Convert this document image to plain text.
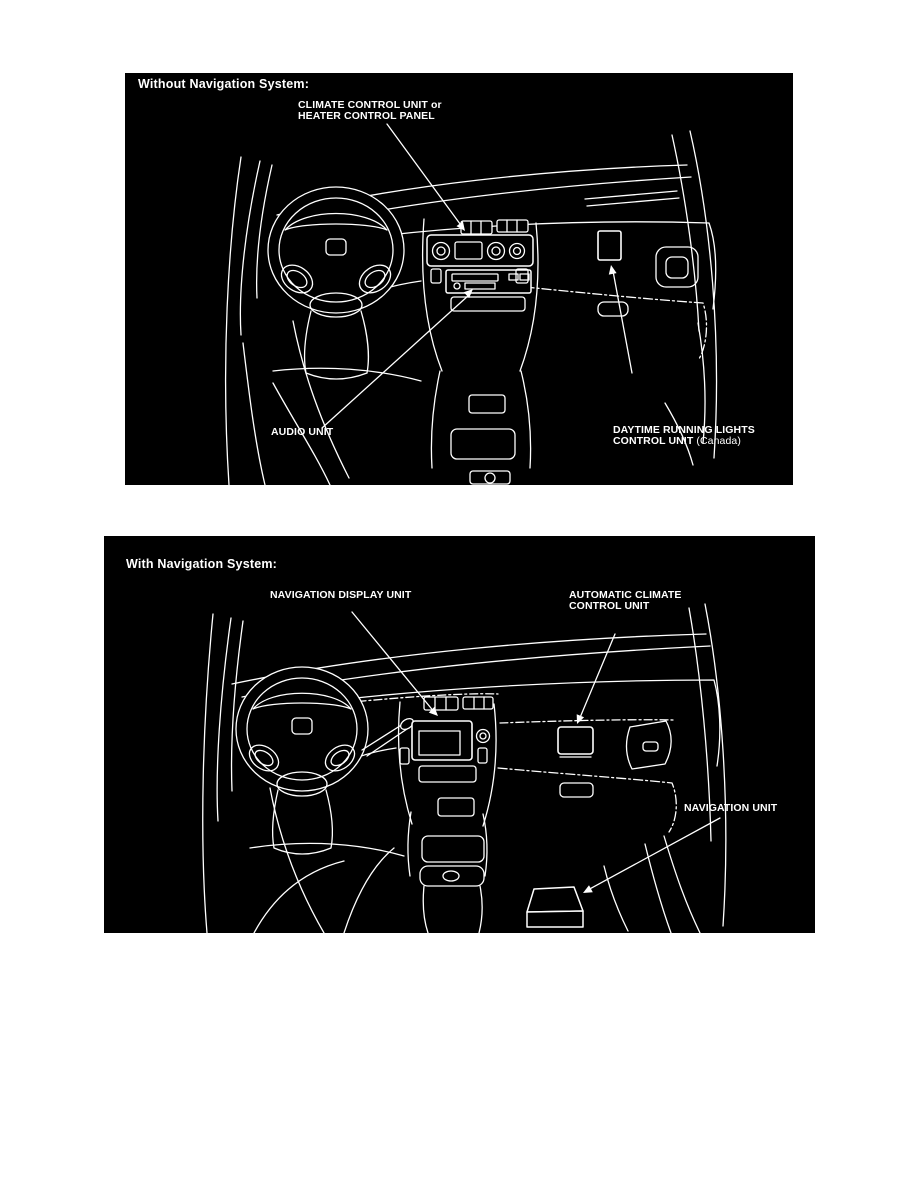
Without Navigation System:
CLIMATE CONTROL UNIT or
HEATER CONTROL PANEL
AUDIO UNIT	DAYTIME RUNNING LIGHTS
CONTROL UNIT (Canada)
With Navigation System:
NAVIGATION DISPLAY UNIT	AUTOMATIC CLIMATE
CONTROL UNIT
NAVIGATION UNIT
